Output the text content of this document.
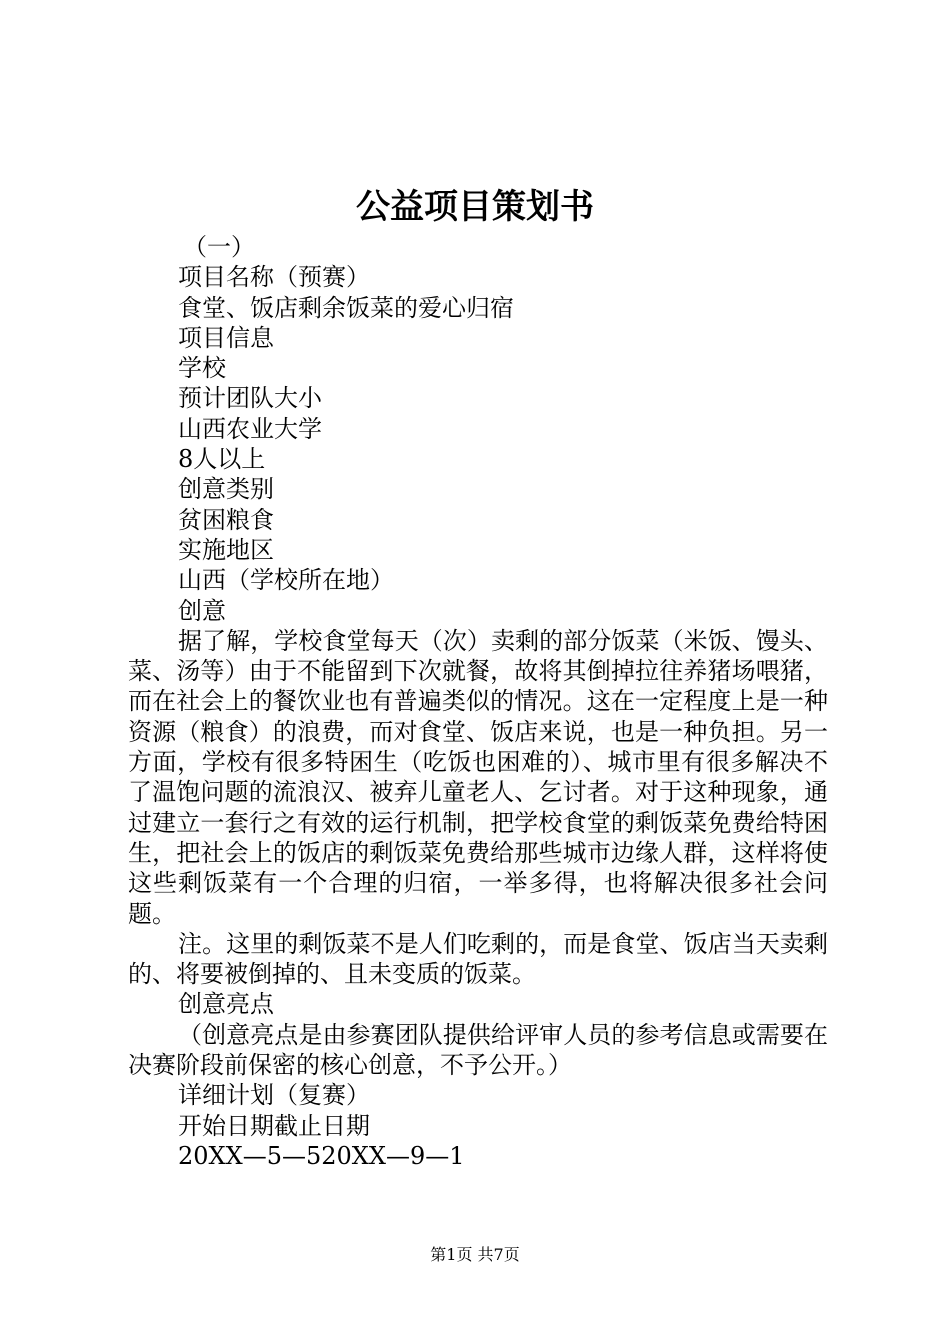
公益项目策划书
（一）
项目名称（预赛）
食堂、饭店剩余饭菜的爱心归宿
项目信息
学校
预计团队大小
山西农业大学
8人以上
创意类别
贫困粮食
实施地区
山西（学校所在地）
创意
据了解，学校食堂每天（次）卖剩的部分饭菜（米饭、馒头、菜、汤等）由于不能留到下次就餐，故将其倒掉拉往养猪场喂猪，而在社会上的餐饮业也有普遍类似的情况。这在一定程度上是一种资源（粮食）的浪费，而对食堂、饭店来说，也是一种负担。另一方面，学校有很多特困生（吃饭也困难的）、城市里有很多解决不了温饱问题的流浪汉、被弃儿童老人、乞讨者。对于这种现象，通过建立一套行之有效的运行机制，把学校食堂的剩饭菜免费给特困生，把社会上的饭店的剩饭菜免费给那些城市边缘人群，这样将使这些剩饭菜有一个合理的归宿，一举多得，也将解决很多社会问题。
注。这里的剩饭菜不是人们吃剩的，而是食堂、饭店当天卖剩的、将要被倒掉的、且未变质的饭菜。
创意亮点
（创意亮点是由参赛团队提供给评审人员的参考信息或需要在决赛阶段前保密的核心创意，不予公开。）
详细计划（复赛）
开始日期截止日期
20XX—5—520XX—9—1
第1页 共7页
